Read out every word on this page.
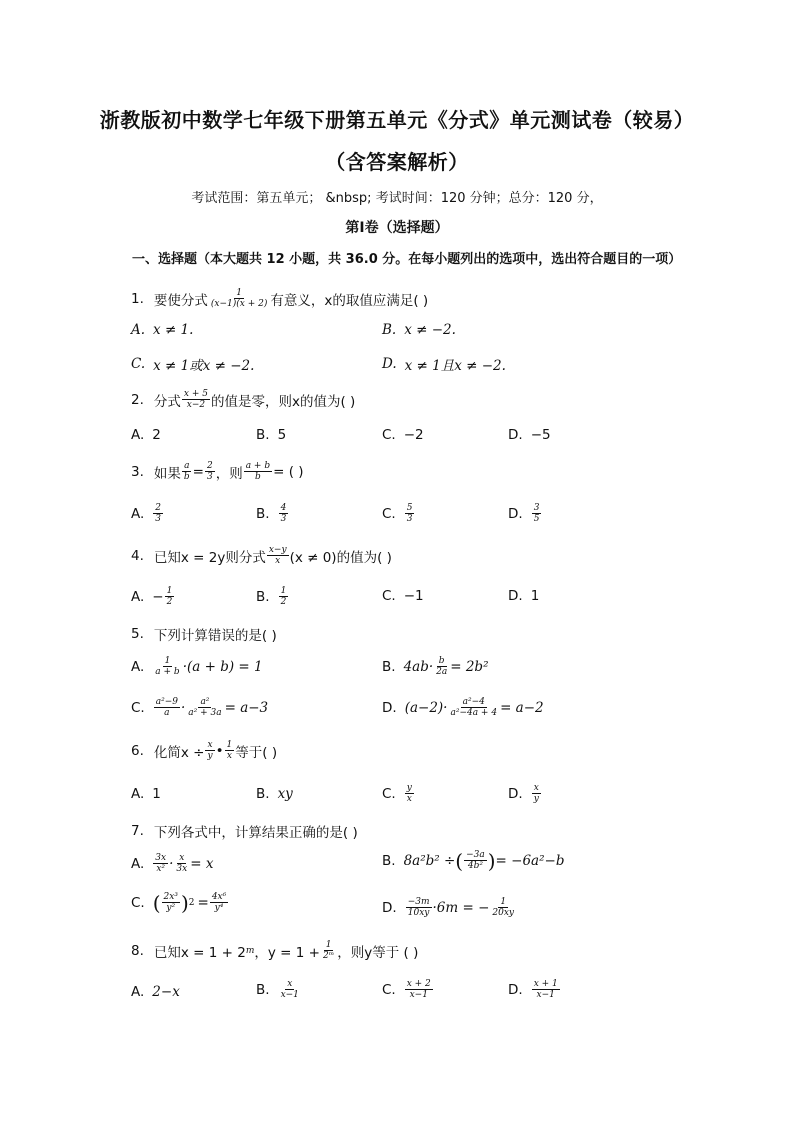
浙教版初中数学七年级下册第五单元《分式》单元测试卷（较易）
（含答案解析）
考试范围：第五单元； &nbsp; 考试时间：120 分钟；总分：120 分，
第Ⅰ卷（选择题）
一、选择题（本大题共 12 小题，共 36.0 分。在每小题列出的选项中，选出符合题目的一项）
1. 要使分式 $\frac{1}{(x-1)(x + 2)}$ 有意义，x的取值应满足( )
A. x ≠ 1.	B. x ≠ −2.
C. x ≠ 1或x ≠ −2.	D. x ≠ 1且x ≠ −2.
2. 分式 $\frac{x + 5}{x-2}$ 的值是零，则x的值为( )
A. 2	B. 5	C. −2	D. −5
3. 如果 $\frac{a}{b} = \frac{2}{3}$ ，则 $\frac{a + b}{b}$ = ( )
A. $\frac{2}{3}$	B. $\frac{4}{3}$	C. $\frac{5}{3}$	D. $\frac{3}{5}$
4. 已知x = 2y则分式 $\frac{x-y}{x} (x \ne 0)$的值为( )
A. − $\frac{1}{2}$	B. $\frac{1}{2}$	C. −1	D. 1
5. 下列计算错误的是( )
A. $\frac{1}{a + b} \cdot(a + b) = 1$	B. $4ab\cdot \frac{b}{2a} = 2b^2$
C. $\frac{\text{a²−9}}{a} \cdot \frac{\text{a²}}{\text{a² + 3a}} = a-3$	D. $(a-2)\cdot \frac{\text{a²−4}}{\text{a²−4a + 4}} = a-2$
6. 化简$x \div \frac{x}{y}$ • $\frac{1}{x}$ 等于( )
A. 1	B. xy	C. $\frac{y}{x}$	D. $\frac{x}{y}$
7. 下列各式中，计算结果正确的是( )
A. $\frac{3x}{\text{x²}} \cdot \frac{x}{3x} = x$	B. 8a²b² ÷ ( $\frac{-3a}{\text{4b²}}$ ) = −6a²−b
C. ( $\frac{\text{2x³}}{\text{y²}}$ ) $2 = \frac{\text{4x⁶}}{\text{y⁴}}$	D. $\frac{-3m}{10xy} \cdot 6m$ = − $\frac{1}{20xy}$
8. 已知x = 1 + 2 m ，$y = 1 + \frac{1}{\text{2ᵐ}}$ ，则y等于 ( )
A. 2−x	B. $\frac{x}{x-1}$	C. $\frac{x + 2}{x-1}$	D. $\frac{x + 1}{x-1}$
